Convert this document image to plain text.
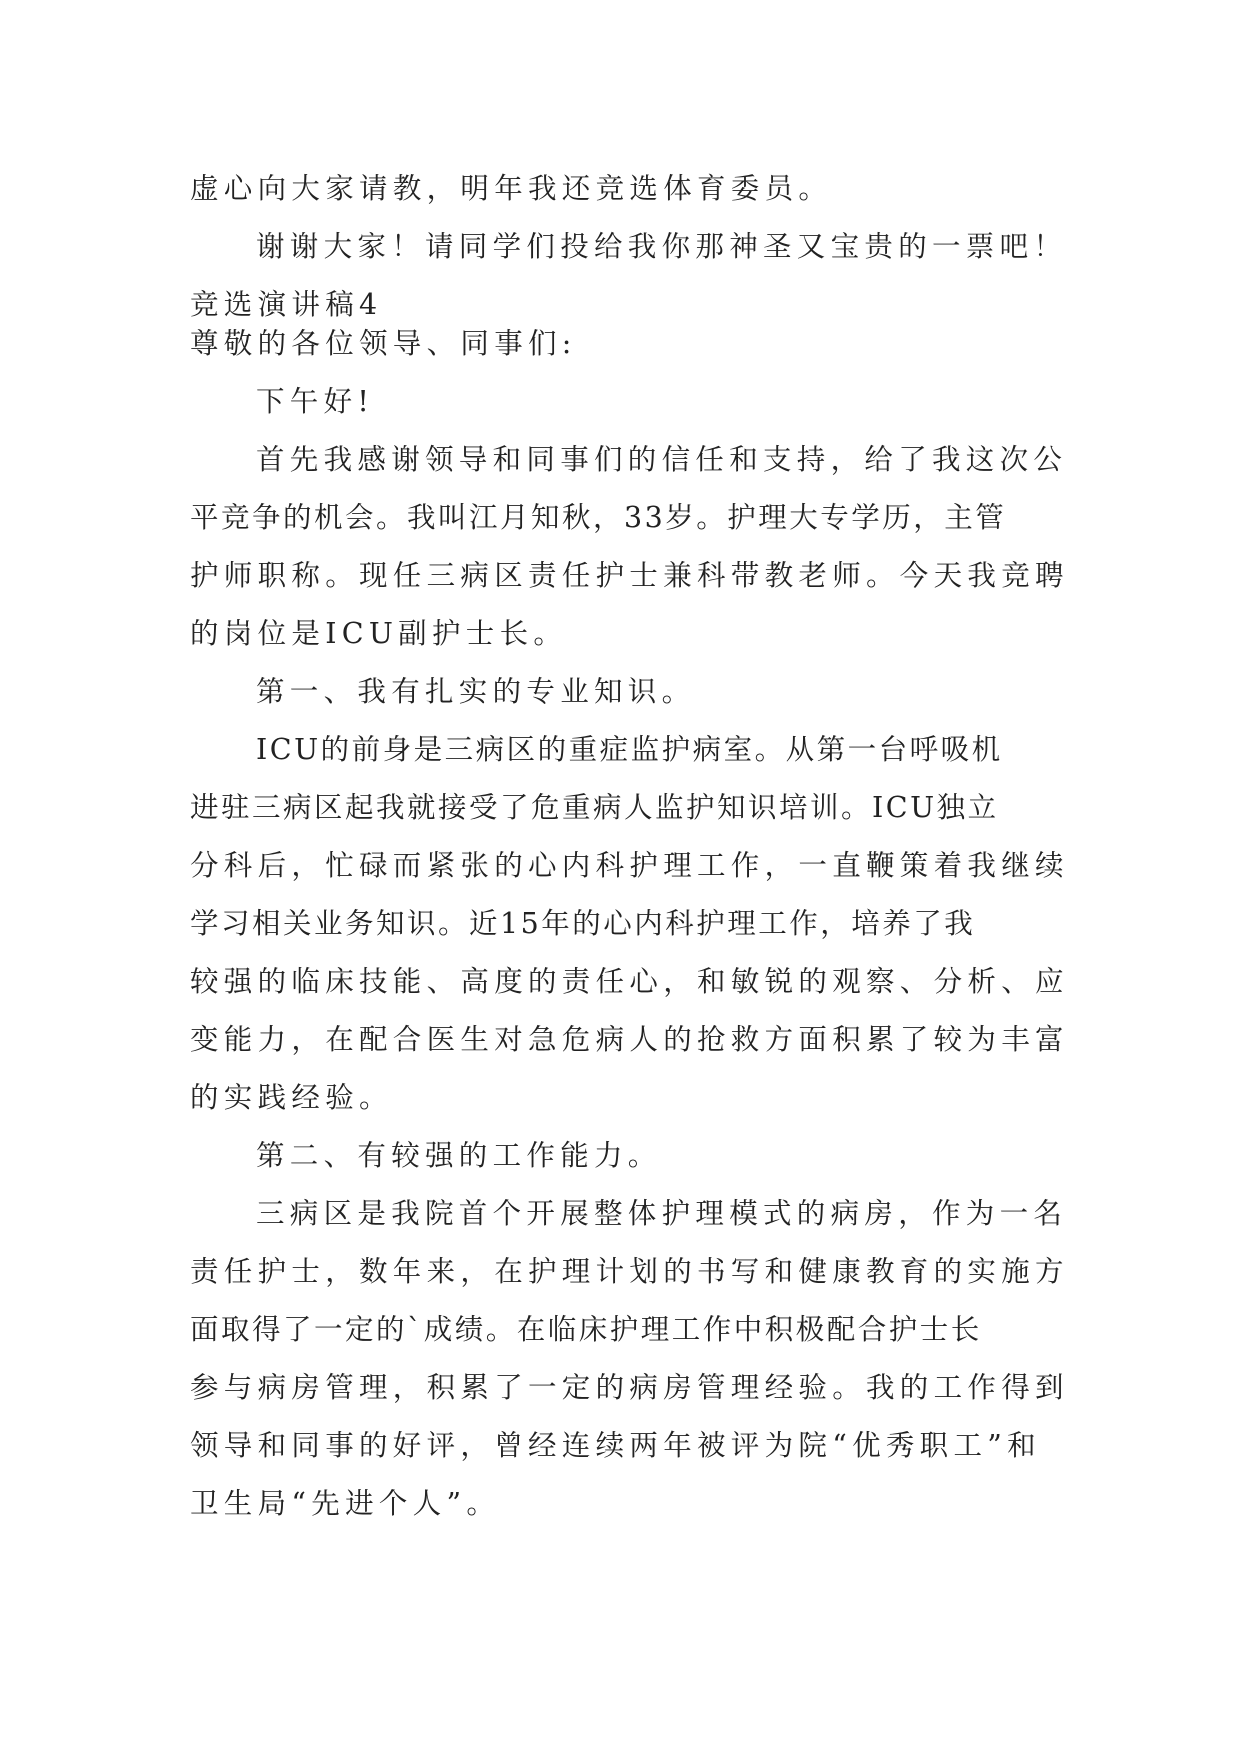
虚心向大家请教，明年我还竞选体育委员。
谢谢大家！请同学们投给我你那神圣又宝贵的一票吧！
竞选演讲稿4
尊敬的各位领导、同事们:
下午好!
首先我感谢领导和同事们的信任和支持，给了我这次公
平竞争的机会。我叫江月知秋，33岁。护理大专学历，主管
护师职称。现任三病区责任护士兼科带教老师。今天我竞聘
的岗位是ICU副护士长。
第一、我有扎实的专业知识。
ICU的前身是三病区的重症监护病室。从第一台呼吸机
进驻三病区起我就接受了危重病人监护知识培训。ICU独立
分科后，忙碌而紧张的心内科护理工作，一直鞭策着我继续
学习相关业务知识。近15年的心内科护理工作，培养了我
较强的临床技能、高度的责任心，和敏锐的观察、分析、应
变能力，在配合医生对急危病人的抢救方面积累了较为丰富
的实践经验。
第二、有较强的工作能力。
三病区是我院首个开展整体护理模式的病房，作为一名
责任护士，数年来，在护理计划的书写和健康教育的实施方
面取得了一定的`成绩。在临床护理工作中积极配合护士长
参与病房管理，积累了一定的病房管理经验。我的工作得到
领导和同事的好评，曾经连续两年被评为院“优秀职工”和
卫生局“先进个人”。
